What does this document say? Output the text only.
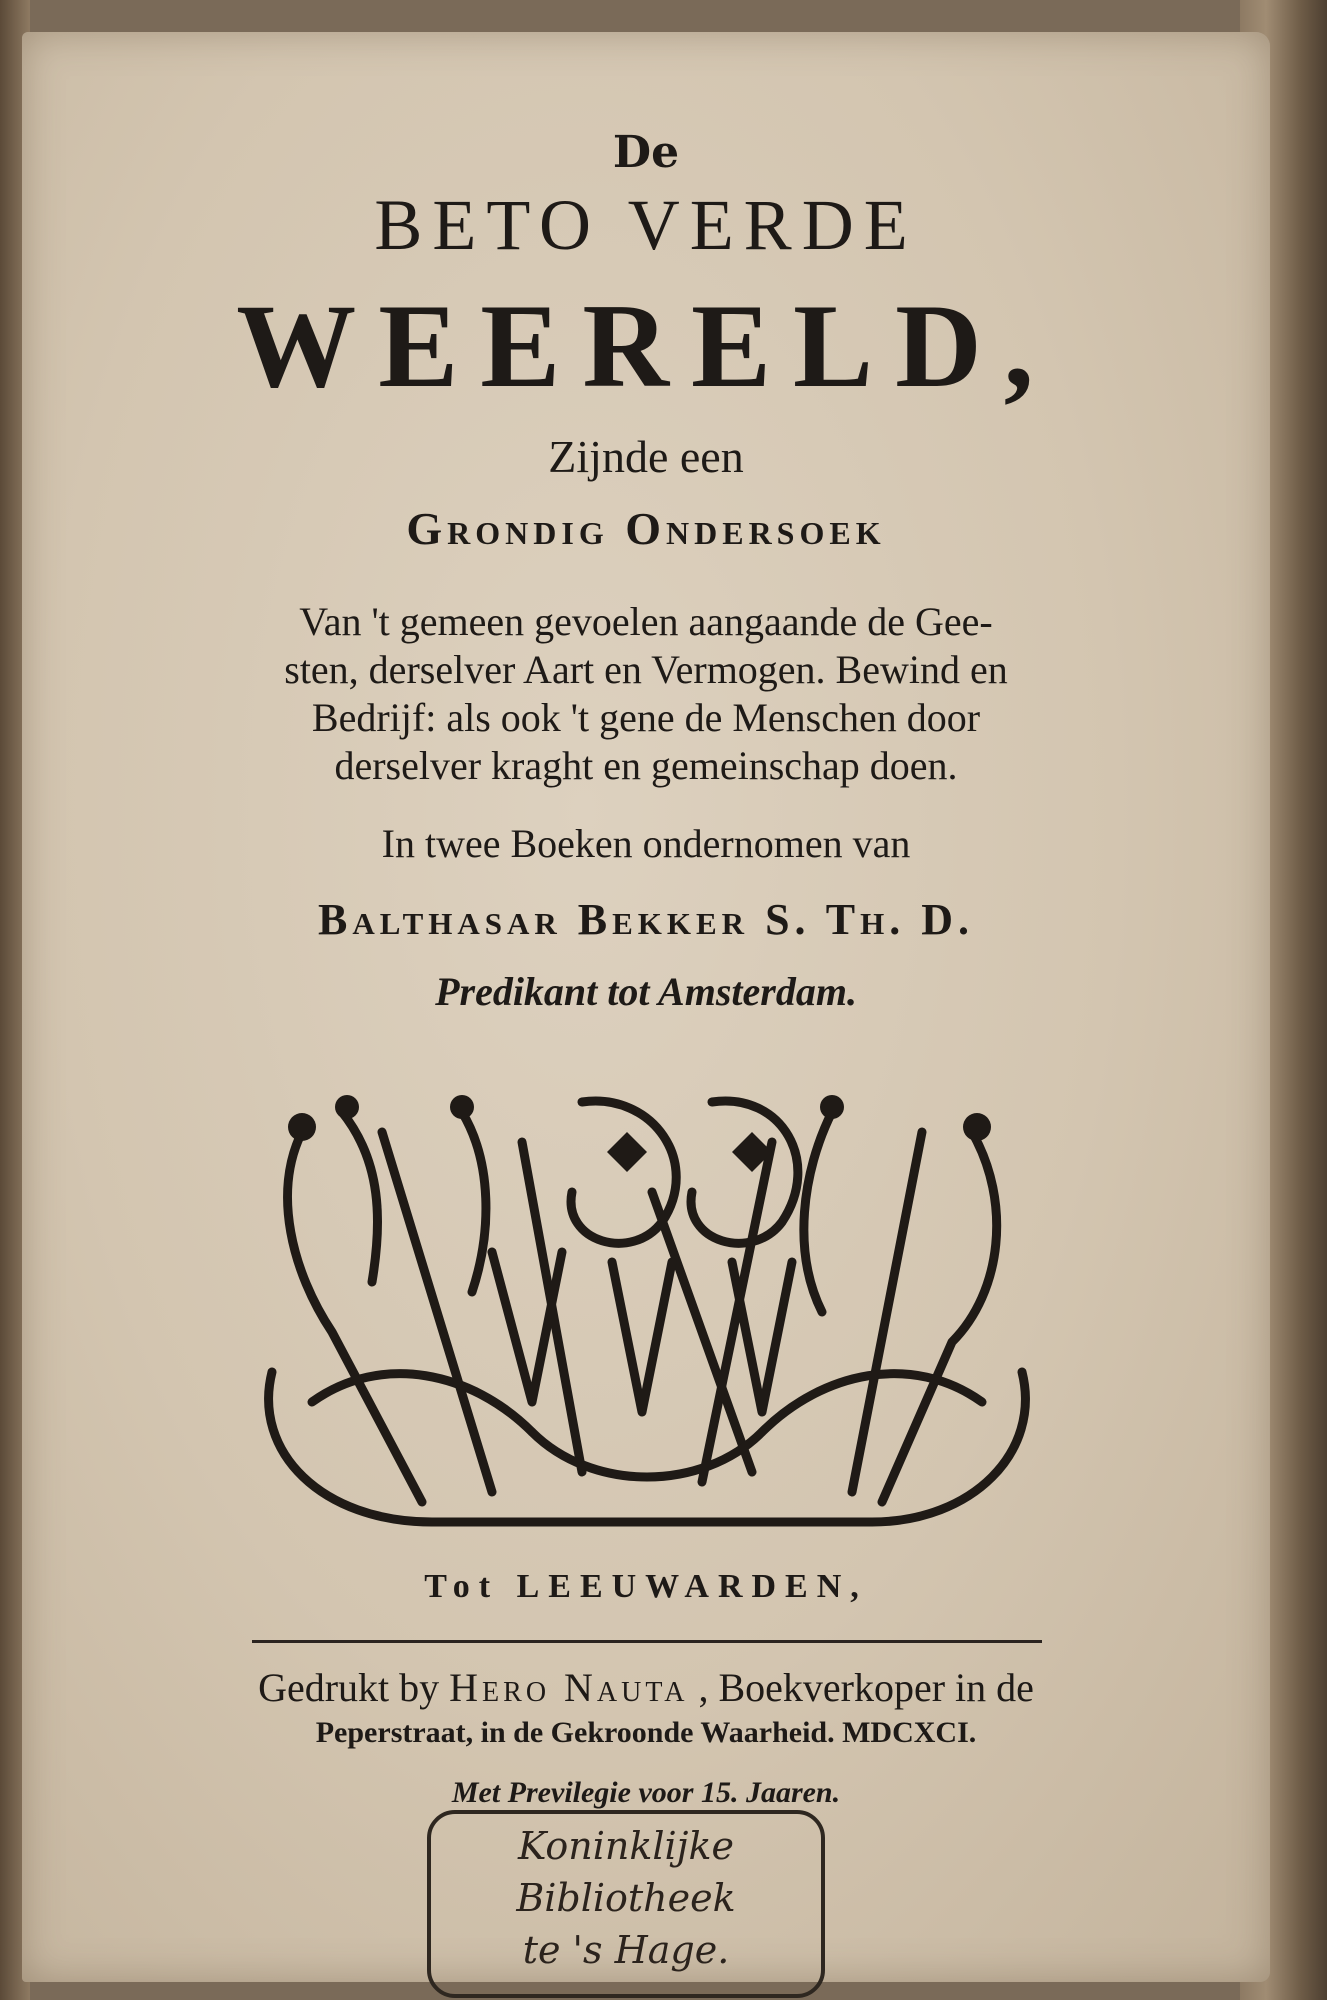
De
BETO VERDE
WEERELD,
Zijnde een
Grondig Ondersoek
Van 't gemeen gevoelen aangaande de Gee-
sten, derselver Aart en Vermogen. Bewind en
Bedrijf: als ook 't gene de Menschen door
derselver kraght en gemeinschap doen.
In twee Boeken ondernomen van
Balthasar Bekker S. Th. D.
Predikant tot Amsterdam.
Tot LEEUWARDEN,
Gedrukt by Hero Nauta , Boekverkoper in de
Peperstraat, in de Gekroonde Waarheid. MDCXCI.
Met Previlegie voor 15. Jaaren.
Koninklijke
Bibliotheek
te 's Hage.
